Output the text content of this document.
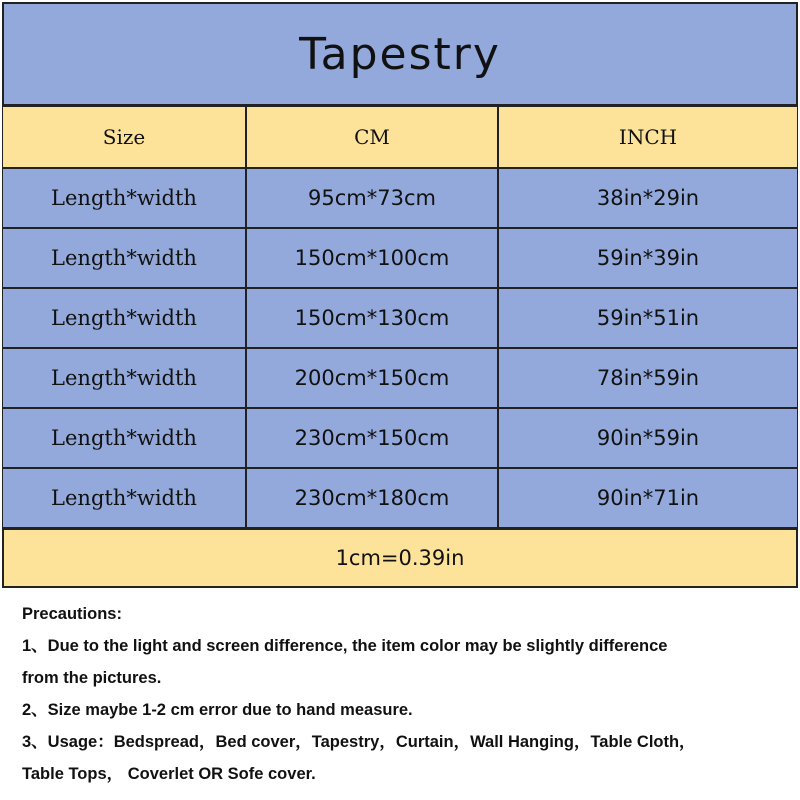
Tapestry
Size	CM	INCH
Length*width	95cm*73cm	38in*29in
Length*width	150cm*100cm	59in*39in
Length*width	150cm*130cm	59in*51in
Length*width	200cm*150cm	78in*59in
Length*width	230cm*150cm	90in*59in
Length*width	230cm*180cm	90in*71in
1cm=0.39in

Precautions:

1、Due to the light and screen difference, the item color may be slightly difference

from the pictures.

2、Size maybe 1-2 cm error due to hand measure.

3、Usage：Bedspread，Bed cover，Tapestry，Curtain，Wall Hanging，Table Cloth，

Table Tops， Coverlet OR Sofe cover.
